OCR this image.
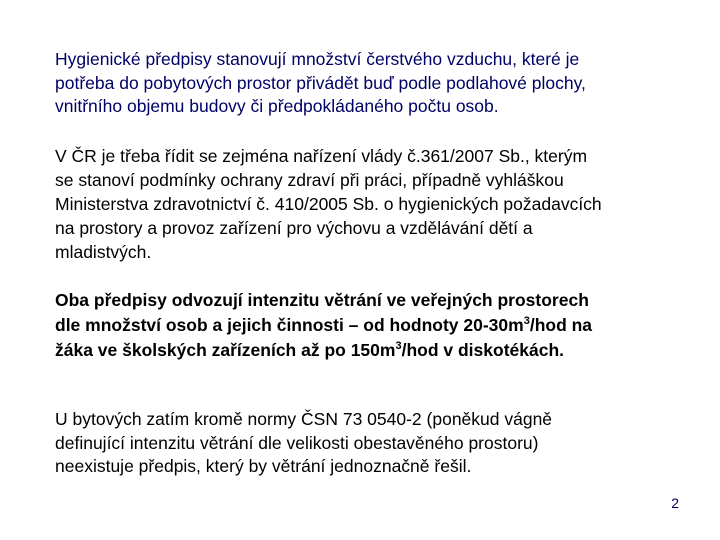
Hygienické předpisy stanovují množství čerstvého vzduchu, které je
potřeba do pobytových prostor přivádět buď podle podlahové plochy,
vnitřního objemu budovy či předpokládaného počtu osob.
V ČR je třeba řídit se zejména nařízení vlády č.361/2007 Sb., kterým
se stanoví podmínky ochrany zdraví při práci, případně vyhláškou
Ministerstva zdravotnictví č. 410/2005 Sb. o hygienických požadavcích
na prostory a provoz zařízení pro výchovu a vzdělávání dětí a
mladistvých.
Oba předpisy odvozují intenzitu větrání ve veřejných prostorech
dle množství osob a jejich činnosti – od hodnoty $20-30m^3$/hod na
žáka ve školských zařízeních až po $150m^3$/hod v diskotékách.
U bytových zatím kromě normy ČSN 73 0540-2 (poněkud vágně
definující intenzitu větrání dle velikosti obestavěného prostoru)
neexistuje předpis, který by větrání jednoznačně řešil.
2
